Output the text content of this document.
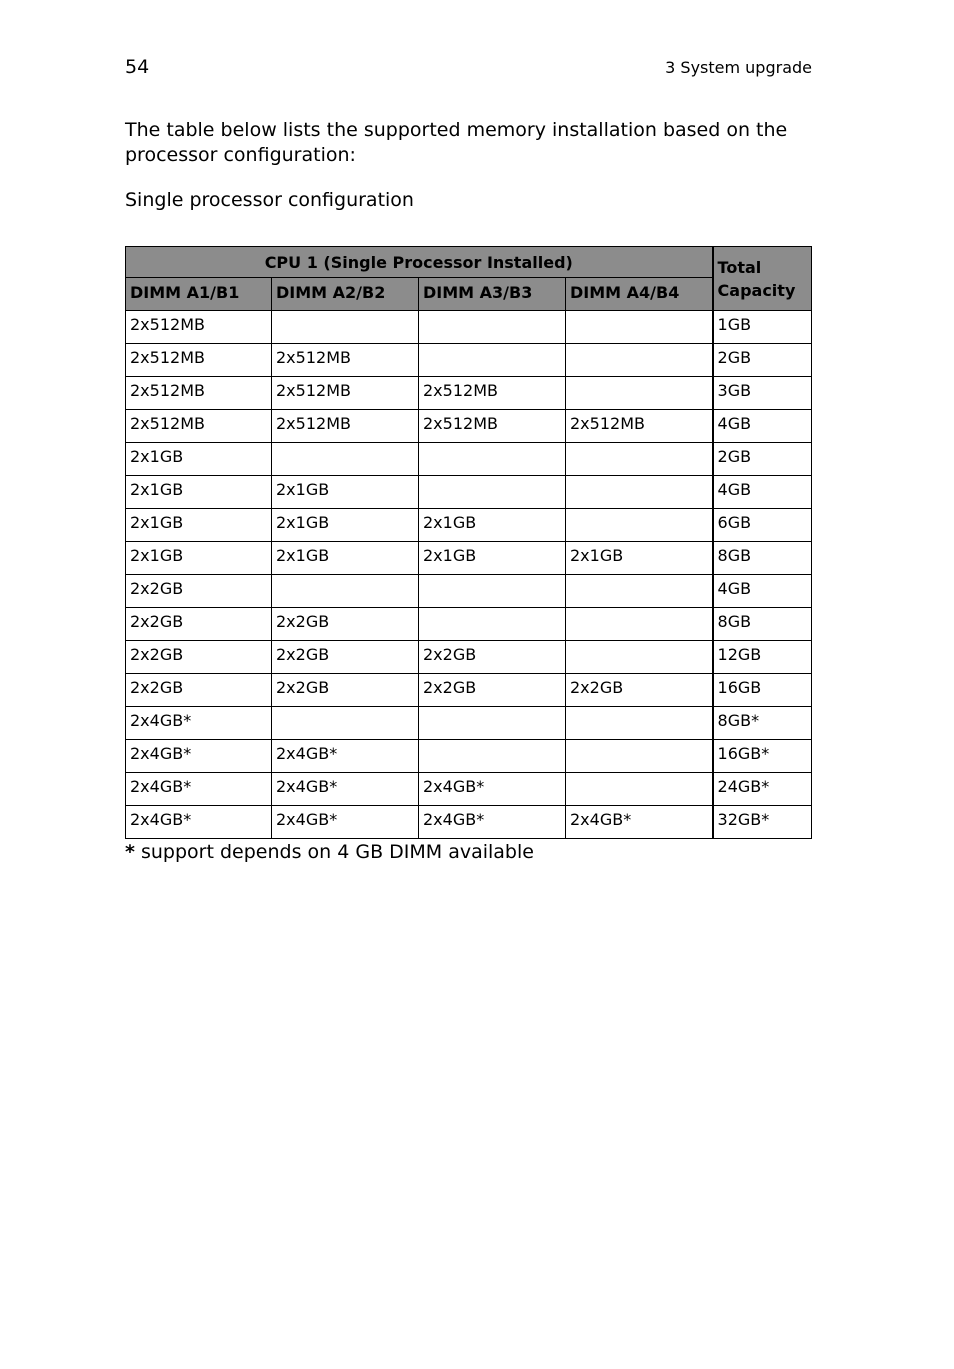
54	3 System upgrade

The table below lists the supported memory installation based on the processor configuration:

Single processor configuration

CPU 1 (Single Processor Installed)				Total Capacity
DIMM A1/B1	DIMM A2/B2	DIMM A3/B3	DIMM A4/B4	
2x512MB				1GB
2x512MB	2x512MB			2GB
2x512MB	2x512MB	2x512MB		3GB
2x512MB	2x512MB	2x512MB	2x512MB	4GB
2x1GB				2GB
2x1GB	2x1GB			4GB
2x1GB	2x1GB	2x1GB		6GB
2x1GB	2x1GB	2x1GB	2x1GB	8GB
2x2GB				4GB
2x2GB	2x2GB			8GB
2x2GB	2x2GB	2x2GB		12GB
2x2GB	2x2GB	2x2GB	2x2GB	16GB
2x4GB*				8GB*
2x4GB*	2x4GB*			16GB*
2x4GB*	2x4GB*	2x4GB*		24GB*
2x4GB*	2x4GB*	2x4GB*	2x4GB*	32GB*

* support depends on 4 GB DIMM available
